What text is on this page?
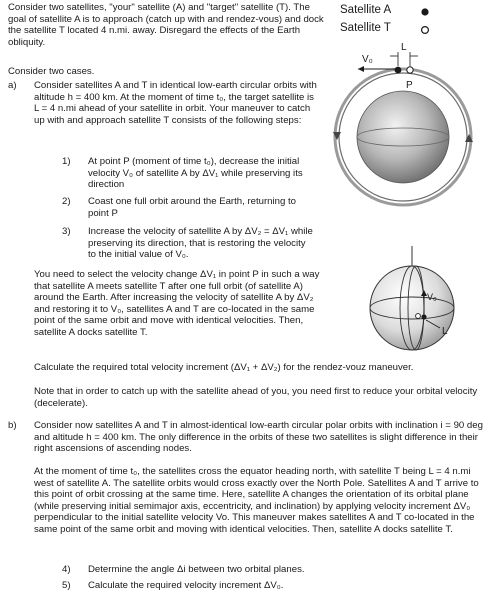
Consider two satellites, "your" satellite (A) and "target" satellite (T). The goal of satellite A is to approach (catch up with and rendez-vous) and dock the satellite T located 4 n.mi. away. Disregard the effects of the Earth obliquity.

Consider two cases.

a) Consider satellites A and T in identical low-earth circular orbits with altitude h = 400 km. At the moment of time t₀, the target satellite is L = 4 n.mi ahead of your satellite in orbit. Your maneuver to catch up with and approach satellite T consists of the following steps:

1) At point P (moment of time t₀), decrease the initial velocity V₀ of satellite A by ΔV₁ while preserving its direction
2) Coast one full orbit around the Earth, returning to point P
3) Increase the velocity of satellite A by ΔV₂ = ΔV₁ while preserving its direction, that is restoring the velocity to the initial value of V₀.

You need to select the velocity change ΔV₁ in point P in such a way that satellite A meets satellite T after one full orbit (of satellite A) around the Earth. After increasing the velocity of satellite A by ΔV₂ and restoring it to V₀, satellites A and T are co-located in the same point of the same orbit and move with identical velocities. Then, satellite A docks satellite T.

Calculate the required total velocity increment (ΔV₁ + ΔV₂) for the rendez-vouz maneuver.

Note that in order to catch up with the satellite ahead of you, you need first to reduce your orbital velocity (decelerate).

b) Consider now satellites A and T in almost-identical low-earth circular polar orbits with inclination i = 90 deg and altitude h = 400 km. The only difference in the orbits of these two satellites is slight difference in their right ascensions of ascending nodes.

At the moment of time t₀, the satellites cross the equator heading north, with satellite T being L = 4 n.mi west of satellite A. The satellite orbits would cross exactly over the North Pole. Satellites A and T arrive to this point of orbit crossing at the same time. Here, satellite A changes the orientation of its orbital plane (while preserving initial semimajor axis, eccentricity, and inclination) by applying velocity increment ΔV₀ perpendicular to the initial satellite velocity Vo. This maneuver makes satellites A and T co-located in the same point of the same orbit and moving with identical velocities. Then, satellite A docks satellite T.

4) Determine the angle Δi between two orbital planes.
5) Calculate the required velocity increment ΔV₀.
Satellite A
Satellite T
V₀
L
P
V₀
L
